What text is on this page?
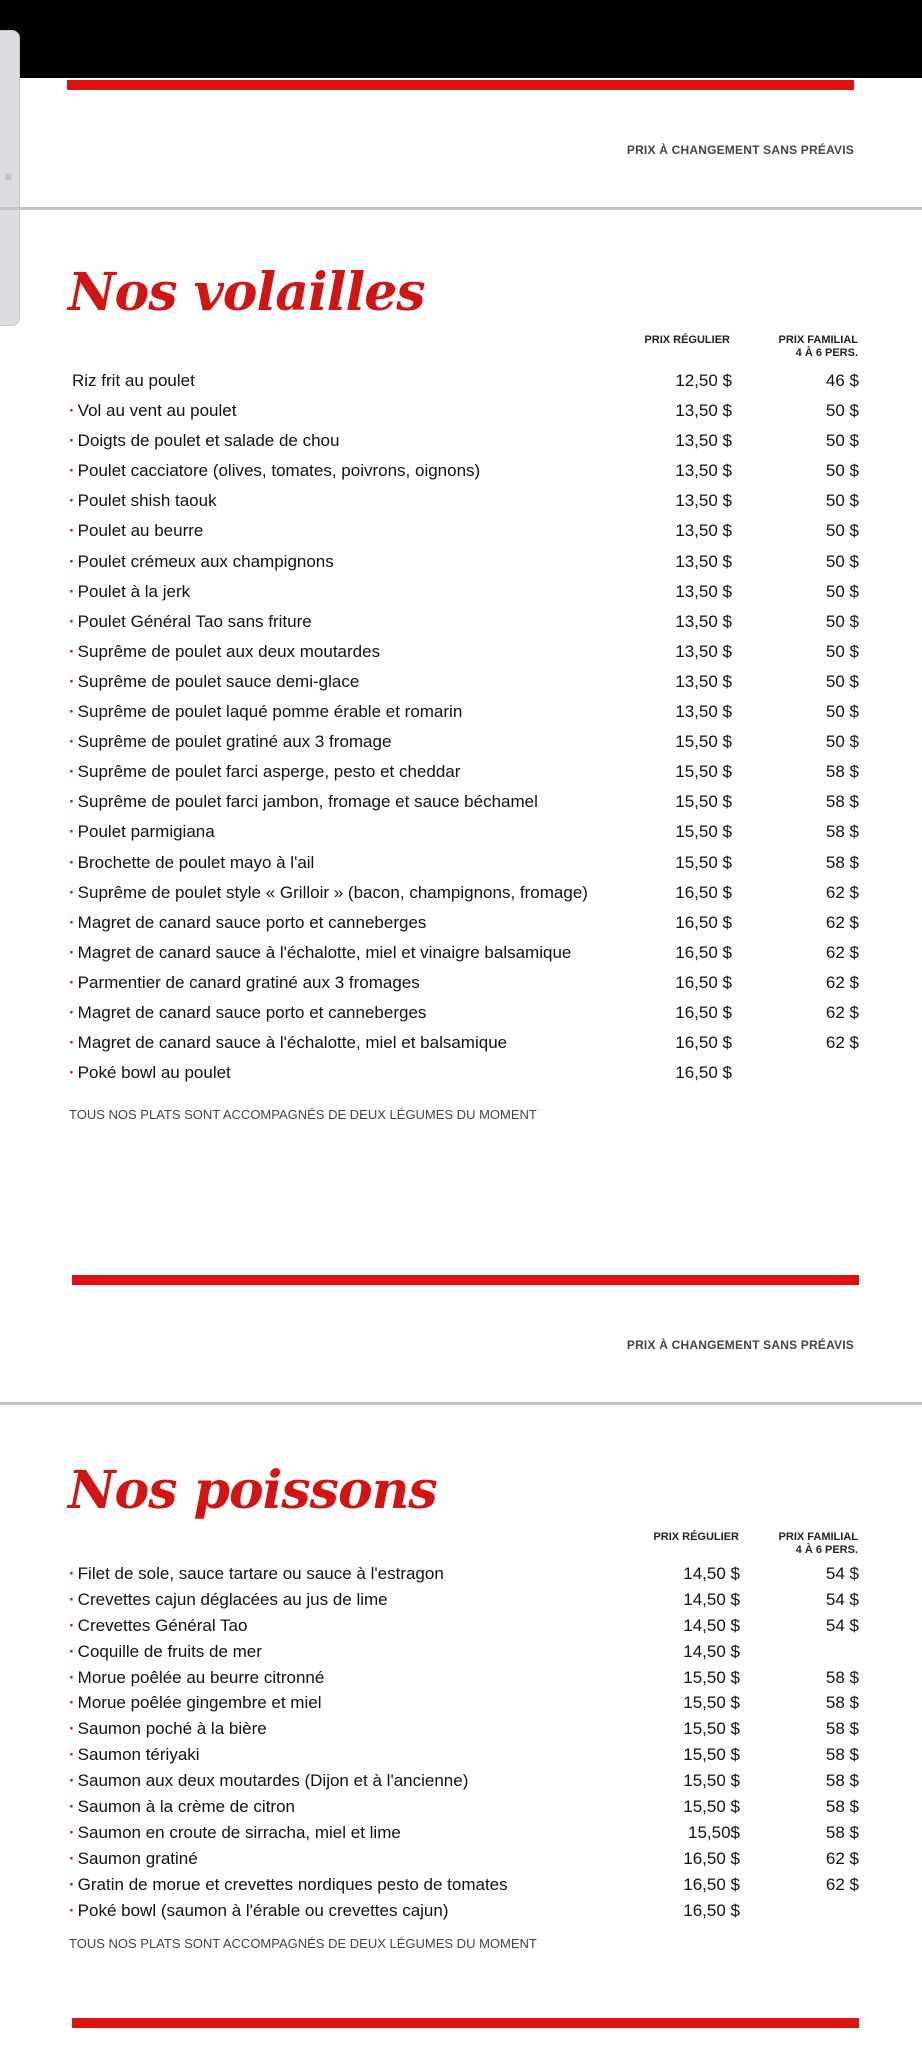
≡
PRIX À CHANGEMENT SANS PRÉAVIS
Nos volailles
PRIX RÉGULIER	PRIX FAMILIAL
4 À 6 PERS.
Riz frit au poulet	12,50 $	46 $
· Vol au vent au poulet	13,50 $	50 $
· Doigts de poulet et salade de chou	13,50 $	50 $
· Poulet cacciatore (olives, tomates, poivrons, oignons)	13,50 $	50 $
· Poulet shish taouk	13,50 $	50 $
· Poulet au beurre	13,50 $	50 $
· Poulet crémeux aux champignons	13,50 $	50 $
· Poulet à la jerk	13,50 $	50 $
· Poulet Général Tao sans friture	13,50 $	50 $
· Suprême de poulet aux deux moutardes	13,50 $	50 $
· Suprême de poulet sauce demi-glace	13,50 $	50 $
· Suprême de poulet laqué pomme érable et romarin	13,50 $	50 $
· Suprême de poulet gratiné aux 3 fromage	15,50 $	50 $
· Suprême de poulet farci asperge, pesto et cheddar	15,50 $	58 $
· Suprême de poulet farci jambon, fromage et sauce béchamel	15,50 $	58 $
· Poulet parmigiana	15,50 $	58 $
· Brochette de poulet mayo à l'ail	15,50 $	58 $
· Suprême de poulet style « Grilloir » (bacon, champignons, fromage)	16,50 $	62 $
· Magret de canard sauce porto et canneberges	16,50 $	62 $
· Magret de canard sauce à l'échalotte, miel et vinaigre balsamique	16,50 $	62 $
· Parmentier de canard gratiné aux 3 fromages	16,50 $	62 $
· Magret de canard sauce porto et canneberges	16,50 $	62 $
· Magret de canard sauce à l'échalotte, miel et balsamique	16,50 $	62 $
· Poké bowl au poulet	16,50 $
TOUS NOS PLATS SONT ACCOMPAGNÉS DE DEUX LÉGUMES DU MOMENT
PRIX À CHANGEMENT SANS PRÉAVIS
Nos poissons
PRIX RÉGULIER	PRIX FAMILIAL
4 À 6 PERS.
· Filet de sole, sauce tartare ou sauce à l'estragon	14,50 $	54 $
· Crevettes cajun déglacées au jus de lime	14,50 $	54 $
· Crevettes Général Tao	14,50 $	54 $
· Coquille de fruits de mer	14,50 $
· Morue poêlée au beurre citronné	15,50 $	58 $
· Morue poêlée gingembre et miel	15,50 $	58 $
· Saumon poché à la bière	15,50 $	58 $
· Saumon tériyaki	15,50 $	58 $
· Saumon aux deux moutardes (Dijon et à l'ancienne)	15,50 $	58 $
· Saumon à la crème de citron	15,50 $	58 $
· Saumon en croute de sirracha, miel et lime	15,50$	58 $
· Saumon gratiné	16,50 $	62 $
· Gratin de morue et crevettes nordiques pesto de tomates	16,50 $	62 $
· Poké bowl (saumon à l'érable ou crevettes cajun)	16,50 $
TOUS NOS PLATS SONT ACCOMPAGNÉS DE DEUX LÉGUMES DU MOMENT
